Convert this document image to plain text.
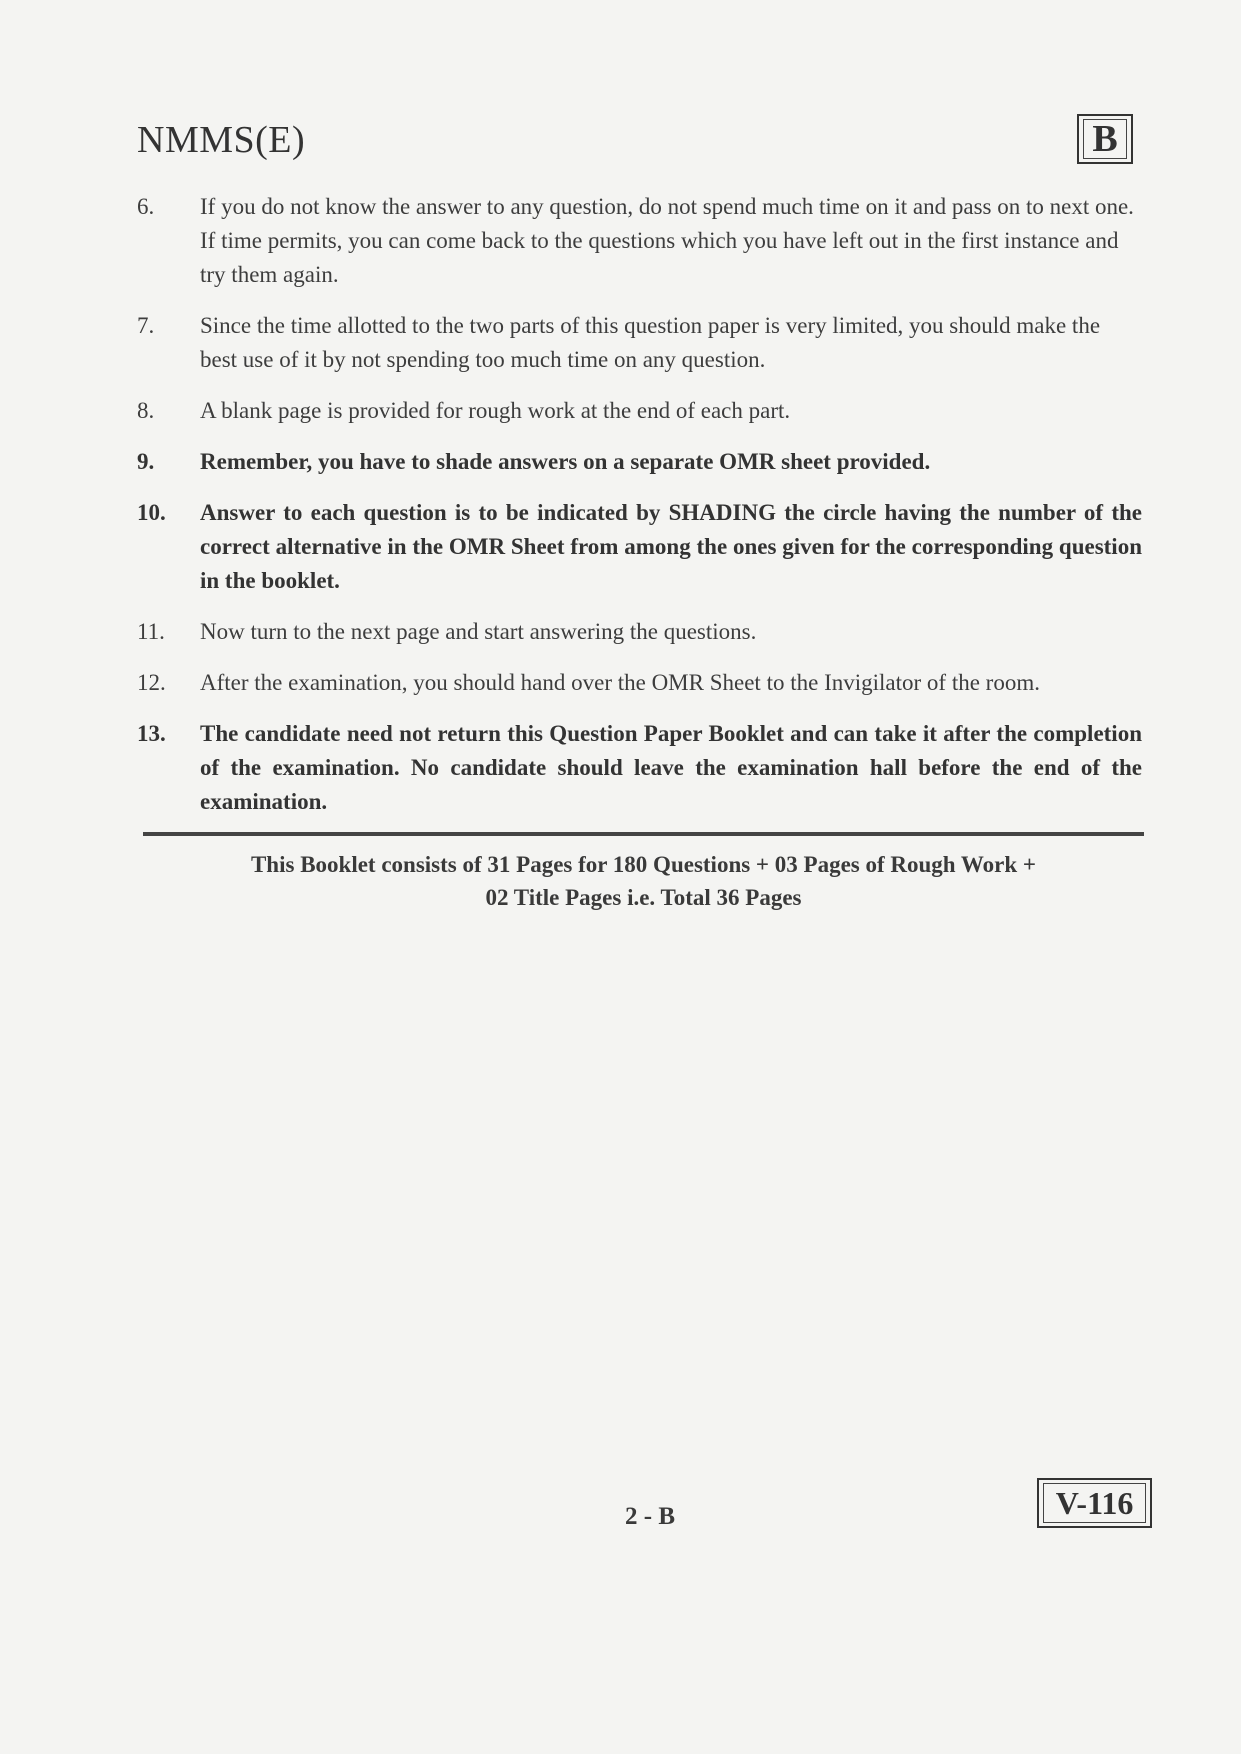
NMMS(E)	B
6.	If you do not know the answer to any question, do not spend much time on it and pass on to next one. If time permits, you can come back to the questions which you have left out in the first instance and try them again.
7.	Since the time allotted to the two parts of this question paper is very limited, you should make the best use of it by not spending too much time on any question.
8.	A blank page is provided for rough work at the end of each part.
9.	Remember, you have to shade answers on a separate OMR sheet provided.
10.	Answer to each question is to be indicated by SHADING the circle having the number of the correct alternative in the OMR Sheet from among the ones given for the corresponding question in the booklet.
11.	Now turn to the next page and start answering the questions.
12.	After the examination, you should hand over the OMR Sheet to the Invigilator of the room.
13.	The candidate need not return this Question Paper Booklet and can take it after the completion of the examination. No candidate should leave the examination hall before the end of the examination.
This Booklet consists of 31 Pages for 180 Questions + 03 Pages of Rough Work +
02 Title Pages i.e. Total 36 Pages
2 - B	V-116
